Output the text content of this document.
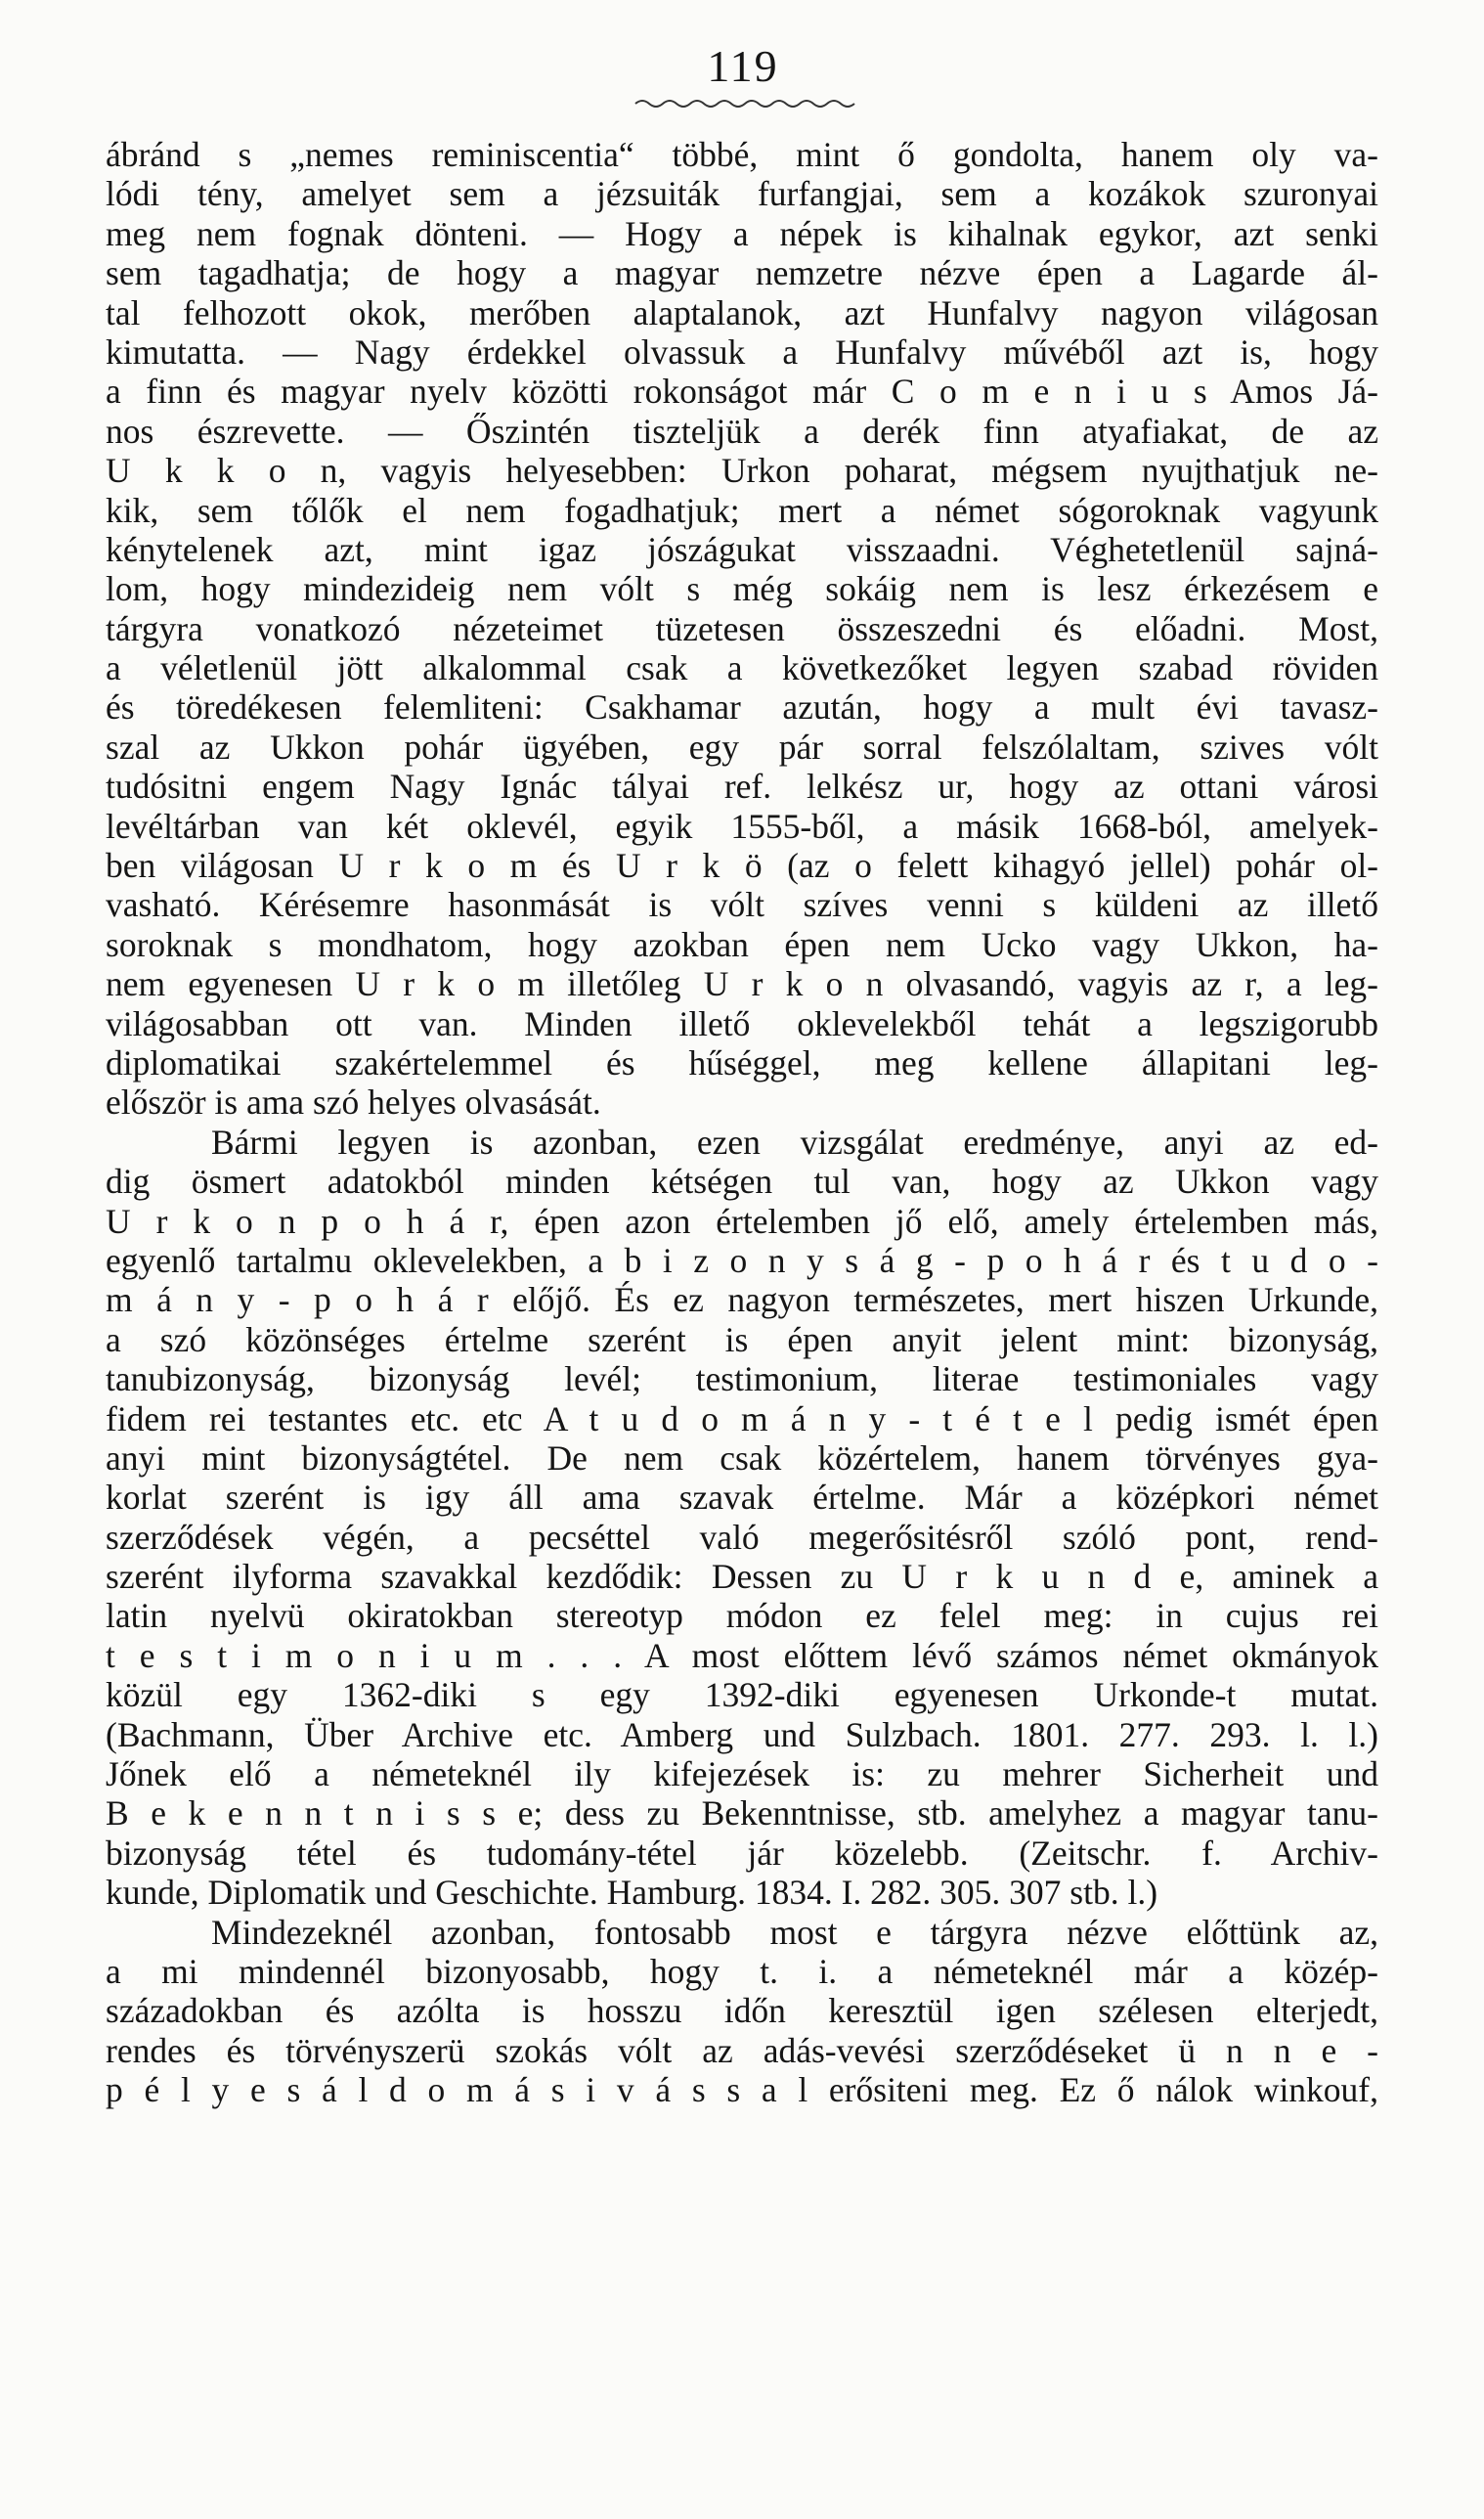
119
ábránd s „nemes reminiscentia“ többé, mint ő gondolta, hanem oly va-
lódi tény, amelyet sem a jézsuiták furfangjai, sem a kozákok szuronyai
meg nem fognak dönteni. — Hogy a népek is kihalnak egykor, azt senki
sem tagadhatja; de hogy a magyar nemzetre nézve épen a Lagarde ál-
tal felhozott okok, merőben alaptalanok, azt Hunfalvy nagyon világosan
kimutatta. — Nagy érdekkel olvassuk a Hunfalvy művéből azt is, hogy
a finn és magyar nyelv közötti rokonságot már C o m e n i u s Amos Já-
nos észrevette. — Őszintén tiszteljük a derék finn atyafiakat, de az
U k k o n, vagyis helyesebben: Urkon poharat, mégsem nyujthatjuk ne-
kik, sem tőlők el nem fogadhatjuk; mert a német sógoroknak vagyunk
kénytelenek azt, mint igaz jószágukat visszaadni. Véghetetlenül sajná-
lom, hogy mindezideig nem vólt s még sokáig nem is lesz érkezésem e
tárgyra vonatkozó nézeteimet tüzetesen összeszedni és előadni. Most,
a véletlenül jött alkalommal csak a következőket legyen szabad röviden
és töredékesen felemliteni: Csakhamar azután, hogy a mult évi tavasz-
szal az Ukkon pohár ügyében, egy pár sorral felszólaltam, szives vólt
tudósitni engem Nagy Ignác tályai ref. lelkész ur, hogy az ottani városi
levéltárban van két oklevél, egyik 1555-ből, a másik 1668-ból, amelyek-
ben világosan U r k o m és U r k ö (az o felett kihagyó jellel) pohár ol-
vasható. Kérésemre hasonmását is vólt szíves venni s küldeni az illető
soroknak s mondhatom, hogy azokban épen nem Ucko vagy Ukkon, ha-
nem egyenesen U r k o m illetőleg U r k o n olvasandó, vagyis az r, a leg-
világosabban ott van. Minden illető oklevelekből tehát a legszigorubb
diplomatikai szakértelemmel és hűséggel, meg kellene állapitani leg-
először is ama szó helyes olvasását.
Bármi legyen is azonban, ezen vizsgálat eredménye, anyi az ed-
dig ösmert adatokból minden kétségen tul van, hogy az Ukkon vagy
U r k o n p o h á r, épen azon értelemben jő elő, amely értelemben más,
egyenlő tartalmu oklevelekben, a b i z o n y s á g - p o h á r és t u d o -
m á n y - p o h á r előjő. És ez nagyon természetes, mert hiszen Urkunde,
a szó közönséges értelme szerént is épen anyit jelent mint: bizonyság,
tanubizonyság, bizonyság levél; testimonium, literae testimoniales vagy
fidem rei testantes etc. etc A t u d o m á n y - t é t e l pedig ismét épen
anyi mint bizonyságtétel. De nem csak közértelem, hanem törvényes gya-
korlat szerént is igy áll ama szavak értelme. Már a középkori német
szerződések végén, a pecséttel való megerősitésről szóló pont, rend-
szerént ilyforma szavakkal kezdődik: Dessen zu U r k u n d e, aminek a
latin nyelvü okiratokban stereotyp módon ez felel meg: in cujus rei
t e s t i m o n i u m . . . A most előttem lévő számos német okmányok
közül egy 1362-diki s egy 1392-diki egyenesen Urkonde-t mutat.
(Bachmann, Über Archive etc. Amberg und Sulzbach. 1801. 277. 293. l. l.)
Jőnek elő a németeknél ily kifejezések is: zu mehrer Sicherheit und
B e k e n n t n i s s e; dess zu Bekenntnisse, stb. amelyhez a magyar tanu-
bizonyság tétel és tudomány-tétel jár közelebb. (Zeitschr. f. Archiv-
kunde, Diplomatik und Geschichte. Hamburg. 1834. I. 282. 305. 307 stb. l.)
Mindezeknél azonban, fontosabb most e tárgyra nézve előttünk az,
a mi mindennél bizonyosabb, hogy t. i. a németeknél már a közép-
századokban és azólta is hosszu időn keresztül igen szélesen elterjedt,
rendes és törvényszerü szokás vólt az adás-vevési szerződéseket ü n n e -
p é l y e s á l d o m á s i v á s s a l erősiteni meg. Ez ő nálok winkouf,
